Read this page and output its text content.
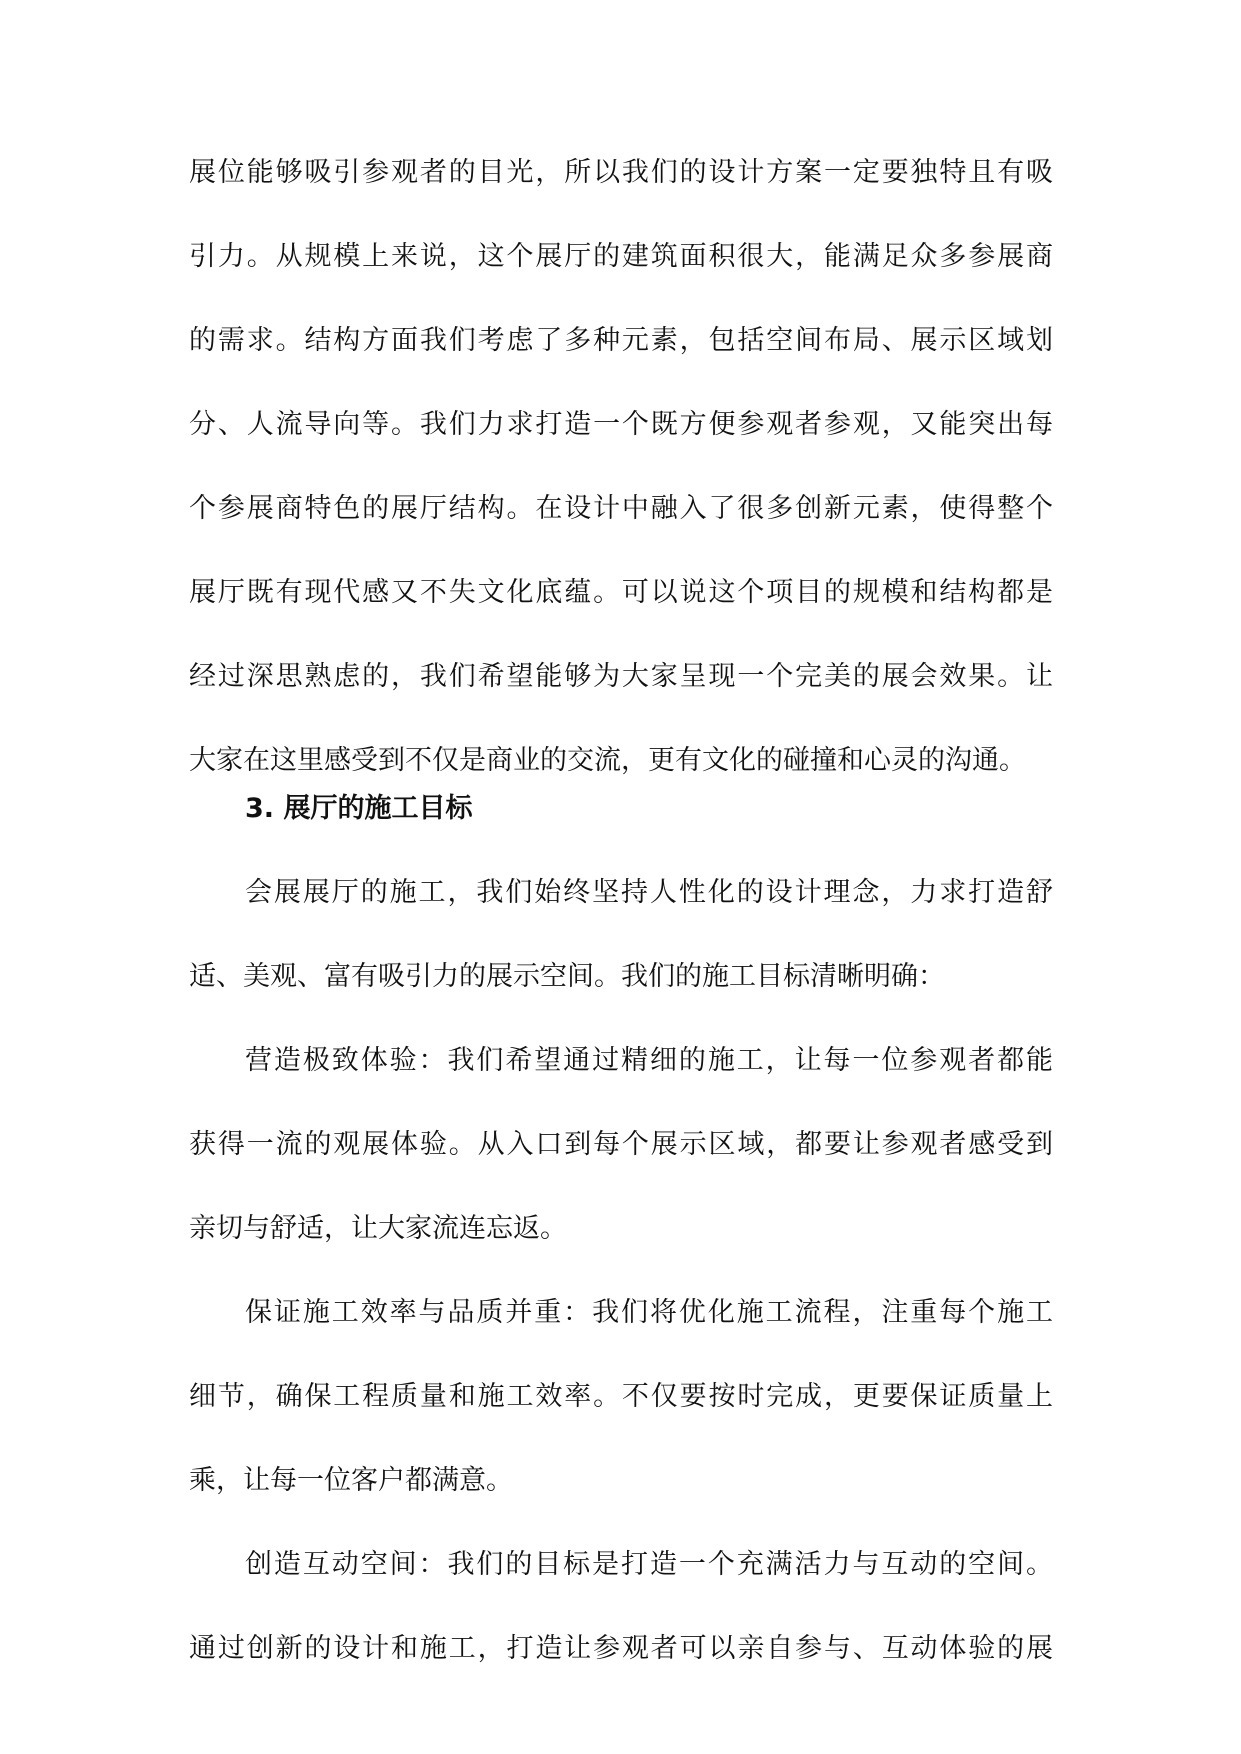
展位能够吸引参观者的目光，所以我们的设计方案一定要独特且有吸
引力。从规模上来说，这个展厅的建筑面积很大，能满足众多参展商
的需求。结构方面我们考虑了多种元素，包括空间布局、展示区域划
分、人流导向等。我们力求打造一个既方便参观者参观，又能突出每
个参展商特色的展厅结构。在设计中融入了很多创新元素，使得整个
展厅既有现代感又不失文化底蕴。可以说这个项目的规模和结构都是
经过深思熟虑的，我们希望能够为大家呈现一个完美的展会效果。让
大家在这里感受到不仅是商业的交流，更有文化的碰撞和心灵的沟通。
3. 展厅的施工目标
会展展厅的施工，我们始终坚持人性化的设计理念，力求打造舒
适、美观、富有吸引力的展示空间。我们的施工目标清晰明确：
营造极致体验：我们希望通过精细的施工，让每一位参观者都能
获得一流的观展体验。从入口到每个展示区域，都要让参观者感受到
亲切与舒适，让大家流连忘返。
保证施工效率与品质并重：我们将优化施工流程，注重每个施工
细节，确保工程质量和施工效率。不仅要按时完成，更要保证质量上
乘，让每一位客户都满意。
创造互动空间：我们的目标是打造一个充满活力与互动的空间。
通过创新的设计和施工，打造让参观者可以亲自参与、互动体验的展
